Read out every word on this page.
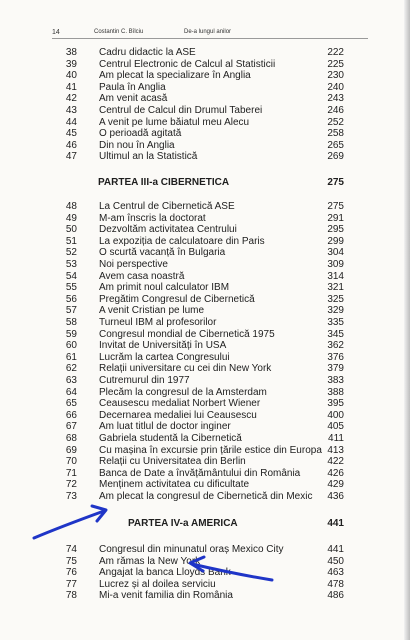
14	Costantin C. Bîlciu	De-a lungul anilor
38 Cadru didactic la ASE	222
39 Centrul Electronic de Calcul al Statisticii	225
40 Am plecat la specializare în Anglia	230
41 Paula în Anglia	240
42 Am venit acasă	243
43 Centrul de Calcul din Drumul Taberei	246
44 A venit pe lume băiatul meu Alecu	252
45 O perioadă agitată	258
46 Din nou în Anglia	265
47 Ultimul an la Statistică	269
PARTEA III-a CIBERNETICA	275
48 La Centrul de Cibernetică ASE	275
49 M-am înscris la doctorat	291
50 Dezvoltăm activitatea Centrului	295
51 La expoziția de calculatoare din Paris	299
52 O scurtă vacanță în Bulgaria	304
53 Noi perspective	309
54 Avem casa noastră	314
55 Am primit noul calculator IBM	321
56 Pregătim Congresul de Cibernetică	325
57 A venit Cristian pe lume	329
58 Turneul IBM al profesorilor	335
59 Congresul mondial de Cibernetică 1975	345
60 Invitat de Universități în USA	362
61 Lucrăm la cartea Congresului	376
62 Relații universitare cu cei din New York	379
63 Cutremurul din 1977	383
64 Plecăm la congresul de la Amsterdam	388
65 Ceausescu medaliat Norbert Wiener	395
66 Decernarea medaliei lui Ceausescu	400
67 Am luat titlul de doctor inginer	405
68 Gabriela studentă la Cibernetică	411
69 Cu mașina în excursie prin țările estice din Europa 413
70 Relații cu Universitatea din Berlin	422
71 Banca de Date a învățământului din România	426
72 Menținem activitatea cu dificultate	429
73 Am plecat la congresul de Cibernetică din Mexic 436
PARTEA IV-a AMERICA	441
74 Congresul din minunatul oraș Mexico City	441
75 Am rămas la New York	450
76 Angajat la banca Lloyds Bank	463
77 Lucrez și al doilea serviciu	478
78 Mi-a venit familia din România	486
